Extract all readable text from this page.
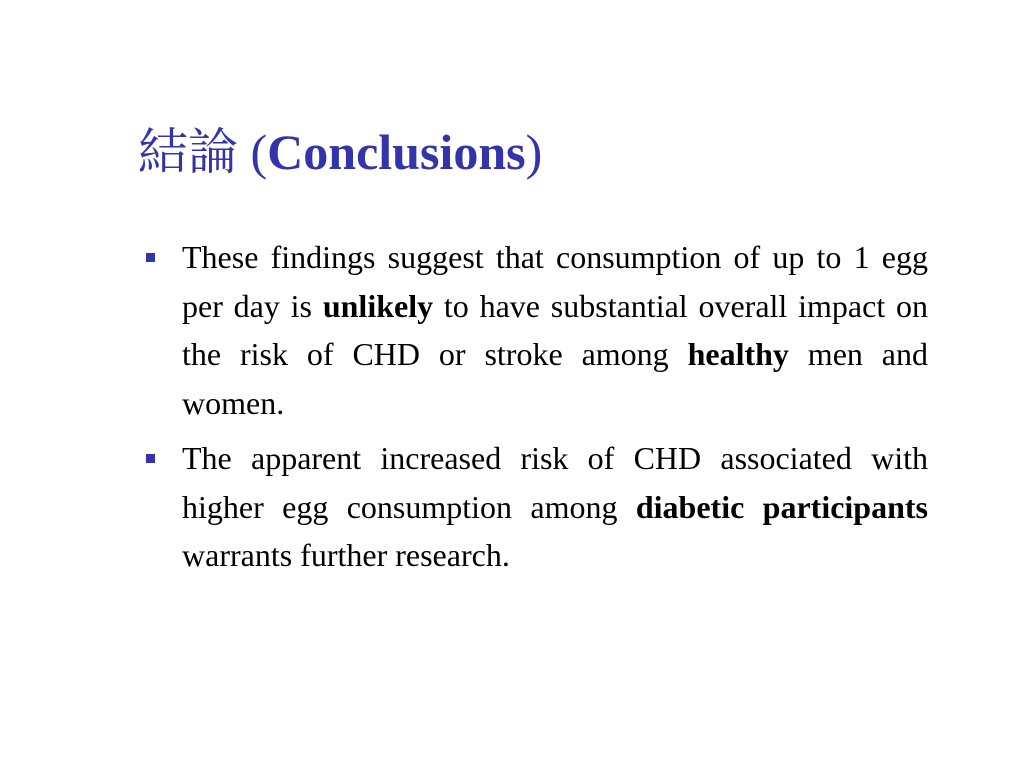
結論 (Conclusions)
These findings suggest that consumption of up to 1 egg per day is unlikely to have substantial overall impact on the risk of CHD or stroke among healthy men and women.
The apparent increased risk of CHD associated with higher egg consumption among diabetic participants warrants further research.
